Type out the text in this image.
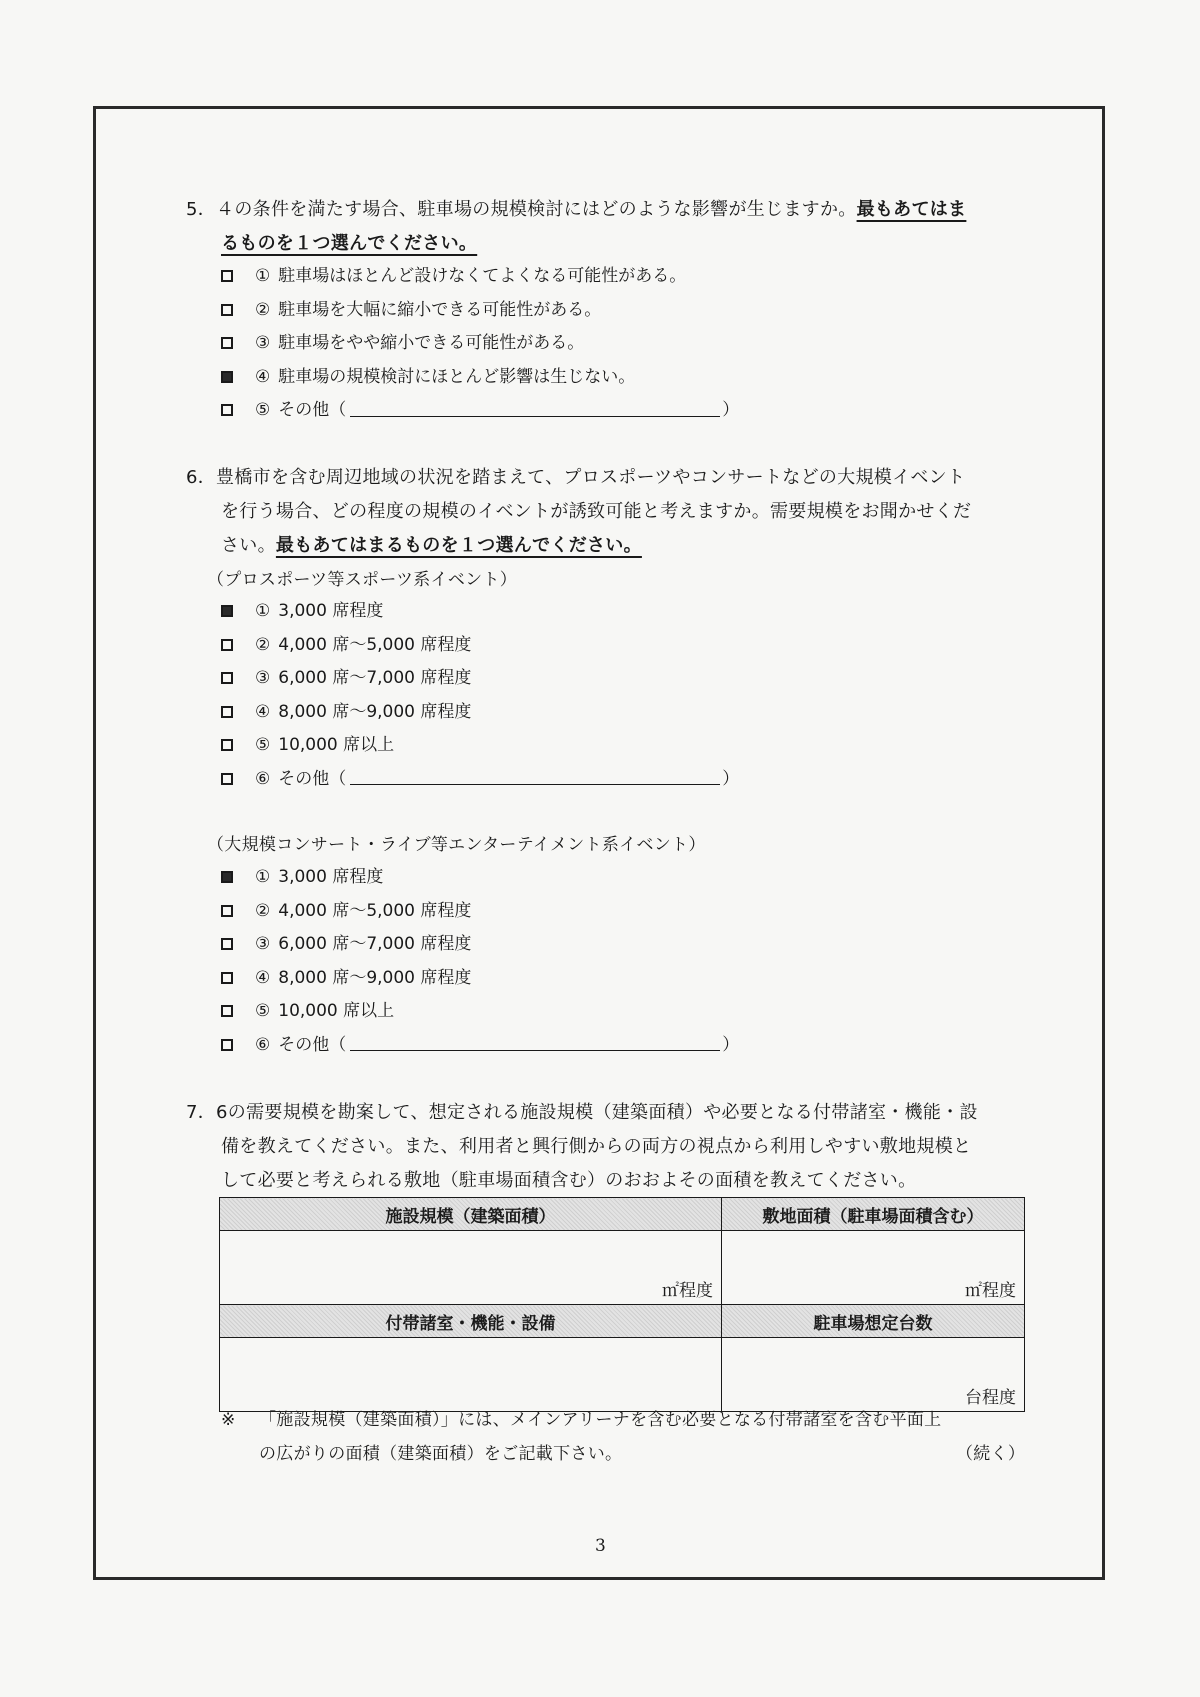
5．４の条件を満たす場合、駐車場の規模検討にはどのような影響が生じますか。最もあてはま
るものを１つ選んでください。
① 駐車場はほとんど設けなくてよくなる可能性がある。
② 駐車場を大幅に縮小できる可能性がある。
③ 駐車場をやや縮小できる可能性がある。
④ 駐車場の規模検討にほとんど影響は生じない。
⑤ その他（	）
6．豊橋市を含む周辺地域の状況を踏まえて、プロスポーツやコンサートなどの大規模イベント
を行う場合、どの程度の規模のイベントが誘致可能と考えますか。需要規模をお聞かせくだ
さい。最もあてはまるものを１つ選んでください。
（プロスポーツ等スポーツ系イベント）
① 3,000 席程度
② 4,000 席～5,000 席程度
③ 6,000 席～7,000 席程度
④ 8,000 席～9,000 席程度
⑤ 10,000 席以上
⑥ その他（	）
（大規模コンサート・ライブ等エンターテイメント系イベント）
① 3,000 席程度
② 4,000 席～5,000 席程度
③ 6,000 席～7,000 席程度
④ 8,000 席～9,000 席程度
⑤ 10,000 席以上
⑥ その他（	）
7．6の需要規模を勘案して、想定される施設規模（建築面積）や必要となる付帯諸室・機能・設
備を教えてください。また、利用者と興行側からの両方の視点から利用しやすい敷地規模と
して必要と考えられる敷地（駐車場面積含む）のおおよその面積を教えてください。
施設規模（建築面積）	敷地面積（駐車場面積含む）
㎡程度	㎡程度
付帯諸室・機能・設備	駐車場想定台数
	台程度
※ 「施設規模（建築面積）」には、メインアリーナを含む必要となる付帯諸室を含む平面上
の広がりの面積（建築面積）をご記載下さい。	（続く）
3
